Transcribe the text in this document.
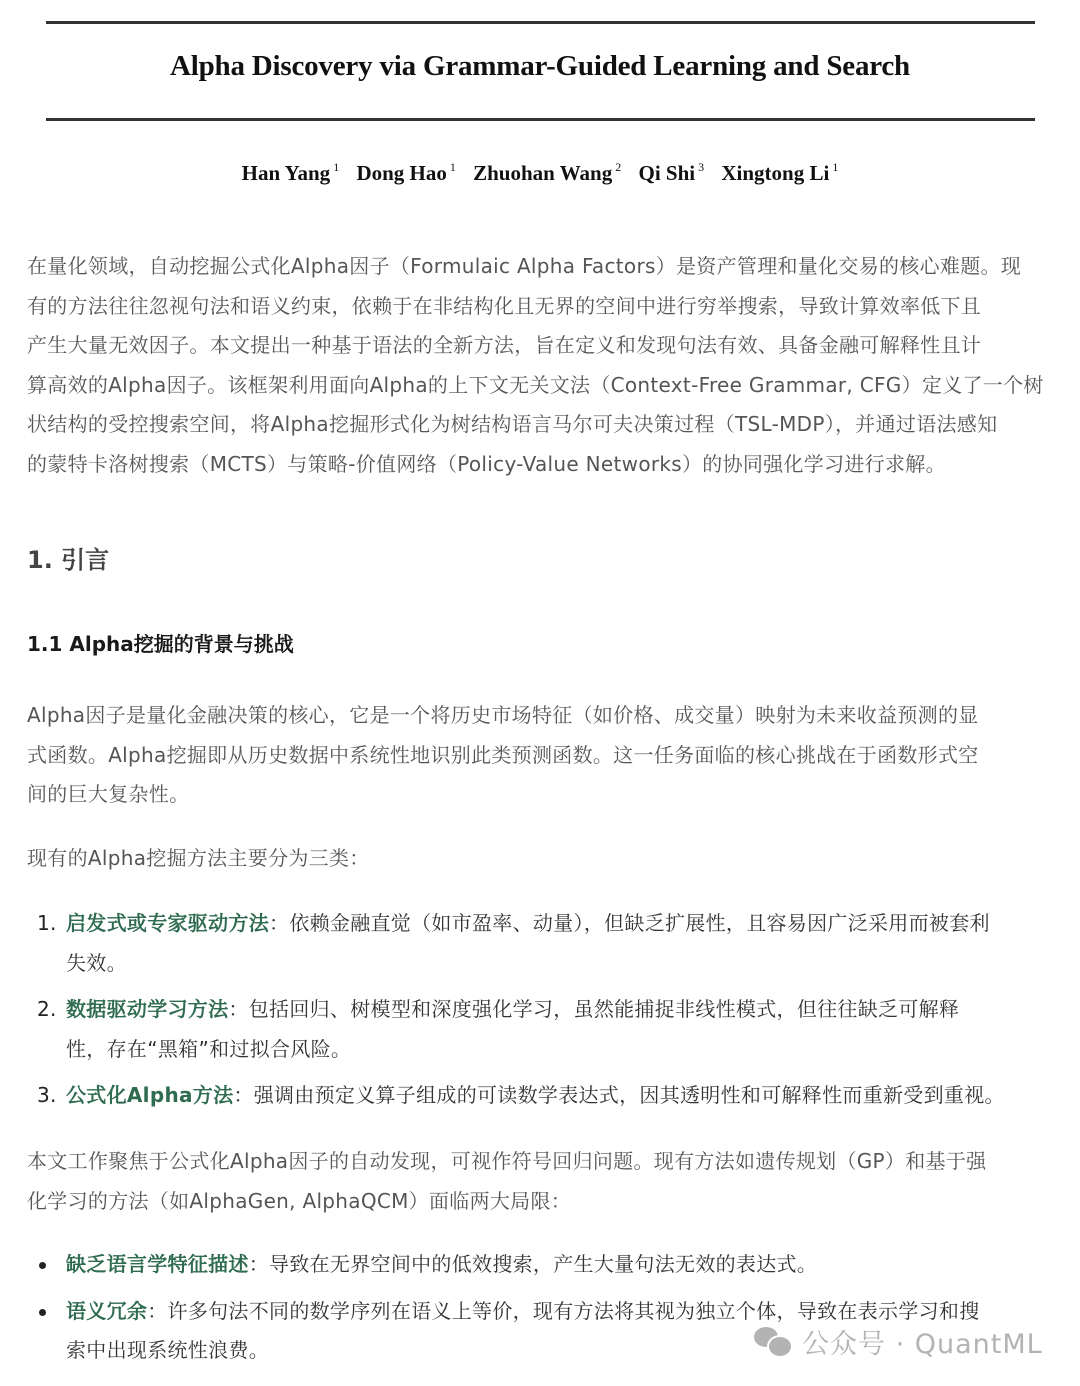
Alpha Discovery via Grammar-Guided Learning and Search
Han Yang $^1$ Dong Hao $^1$ Zhuohan Wang $^2$ Qi Shi $^3$ Xingtong Li $^1$
在量化领域，自动挖掘公式化Alpha因子（Formulaic Alpha Factors）是资产管理和量化交易的核心难题。现
有的方法往往忽视句法和语义约束，依赖于在非结构化且无界的空间中进行穷举搜索，导致计算效率低下且
产生大量无效因子。本文提出一种基于语法的全新方法，旨在定义和发现句法有效、具备金融可解释性且计
算高效的Alpha因子。该框架利用面向Alpha的上下文无关文法（Context-Free Grammar, CFG）定义了一个树
状结构的受控搜索空间，将Alpha挖掘形式化为树结构语言马尔可夫决策过程（TSL-MDP），并通过语法感知
的蒙特卡洛树搜索（MCTS）与策略-价值网络（Policy-Value Networks）的协同强化学习进行求解。
1. 引言
1.1 Alpha挖掘的背景与挑战
Alpha因子是量化金融决策的核心，它是一个将历史市场特征（如价格、成交量）映射为未来收益预测的显
式函数。Alpha挖掘即从历史数据中系统性地识别此类预测函数。这一任务面临的核心挑战在于函数形式空
间的巨大复杂性。
现有的Alpha挖掘方法主要分为三类：
1. 启发式或专家驱动方法：依赖金融直觉（如市盈率、动量），但缺乏扩展性，且容易因广泛采用而被套利
失效。
2. 数据驱动学习方法：包括回归、树模型和深度强化学习，虽然能捕捉非线性模式，但往往缺乏可解释
性，存在“黑箱”和过拟合风险。
3. 公式化Alpha方法：强调由预定义算子组成的可读数学表达式，因其透明性和可解释性而重新受到重视。
本文工作聚焦于公式化Alpha因子的自动发现，可视作符号回归问题。现有方法如遗传规划（GP）和基于强
化学习的方法（如AlphaGen, AlphaQCM）面临两大局限：
缺乏语言学特征描述：导致在无界空间中的低效搜索，产生大量句法无效的表达式。
语义冗余：许多句法不同的数学序列在语义上等价，现有方法将其视为独立个体，导致在表示学习和搜
索中出现系统性浪费。	公众号 · QuantML
